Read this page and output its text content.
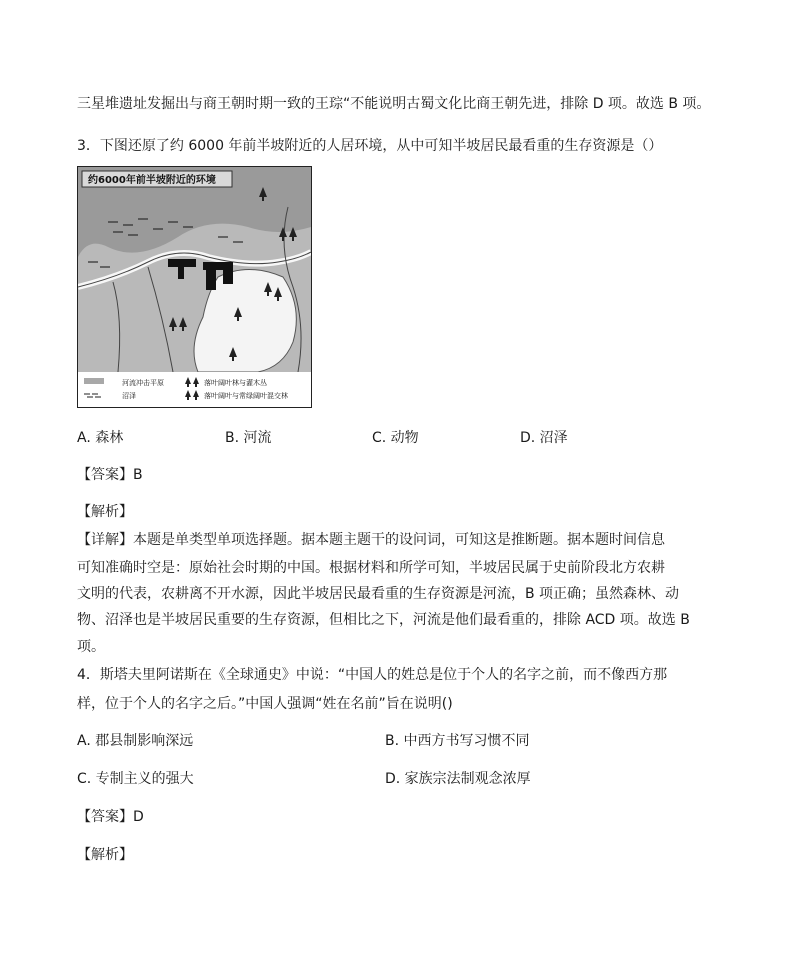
三星堆遗址发掘出与商王朝时期一致的王琮“不能说明古蜀文化比商王朝先进，排除 D 项。故选 B 项。
3．下图还原了约 6000 年前半坡附近的人居环境，从中可知半坡居民最看重的生存资源是（）
约6000年前半坡附近的环境
河流冲击平原	落叶阔叶林与灌木丛
沼泽	落叶阔叶与常绿阔叶混交林
A. 森林	B. 河流	C. 动物	D. 沼泽
【答案】B
【解析】
【详解】本题是单类型单项选择题。据本题主题干的设问词，可知这是推断题。据本题时间信息
可知准确时空是：原始社会时期的中国。根据材料和所学可知，半坡居民属于史前阶段北方农耕
文明的代表，农耕离不开水源，因此半坡居民最看重的生存资源是河流，B 项正确；虽然森林、动
物、沼泽也是半坡居民重要的生存资源，但相比之下，河流是他们最看重的，排除 ACD 项。故选 B
项。
4．斯塔夫里阿诺斯在《全球通史》中说：“中国人的姓总是位于个人的名字之前，而不像西方那
样，位于个人的名字之后。”中国人强调“姓在名前”旨在说明()
A. 郡县制影响深远	B. 中西方书写习惯不同
C. 专制主义的强大	D. 家族宗法制观念浓厚
【答案】D
【解析】
